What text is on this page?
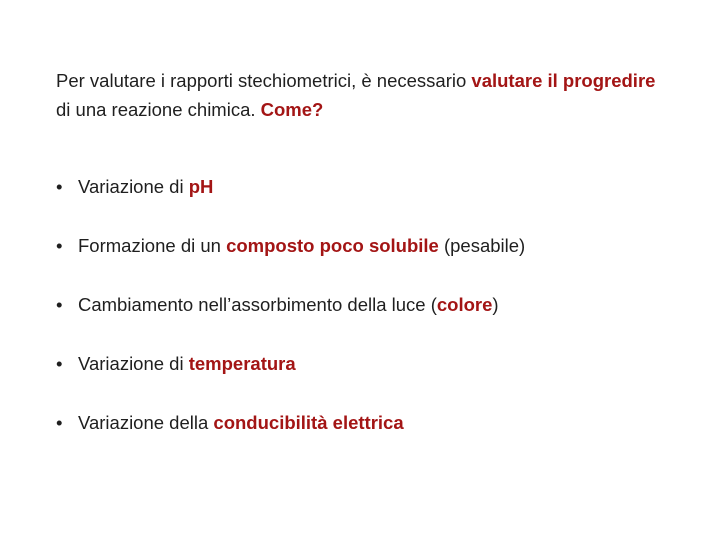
Per valutare i rapporti stechiometrici, è necessario valutare il progredire di una reazione chimica. Come?

• Variazione di pH
• Formazione di un composto poco solubile (pesabile)
• Cambiamento nell’assorbimento della luce (colore)
• Variazione di temperatura
• Variazione della conducibilità elettrica
